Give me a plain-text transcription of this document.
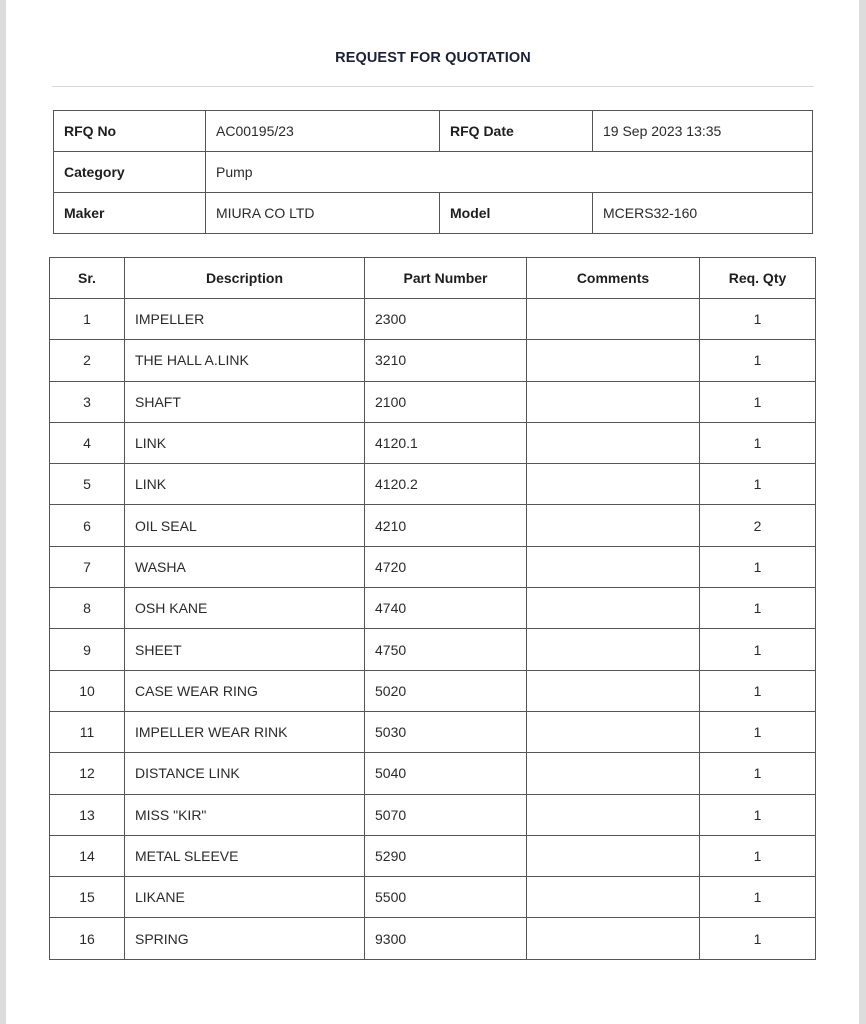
REQUEST FOR QUOTATION
RFQ No	AC00195/23	RFQ Date	19 Sep 2023 13:35
Category	Pump		
Maker	MIURA CO LTD	Model	MCERS32-160
Sr.	Description	Part Number	Comments	Req. Qty
1	IMPELLER	2300		1
2	THE HALL A.LINK	3210		1
3	SHAFT	2100		1
4	LINK	4120.1		1
5	LINK	4120.2		1
6	OIL SEAL	4210		2
7	WASHA	4720		1
8	OSH KANE	4740		1
9	SHEET	4750		1
10	CASE WEAR RING	5020		1
11	IMPELLER WEAR RINK	5030		1
12	DISTANCE LINK	5040		1
13	MISS "KIR"	5070		1
14	METAL SLEEVE	5290		1
15	LIKANE	5500		1
16	SPRING	9300		1
